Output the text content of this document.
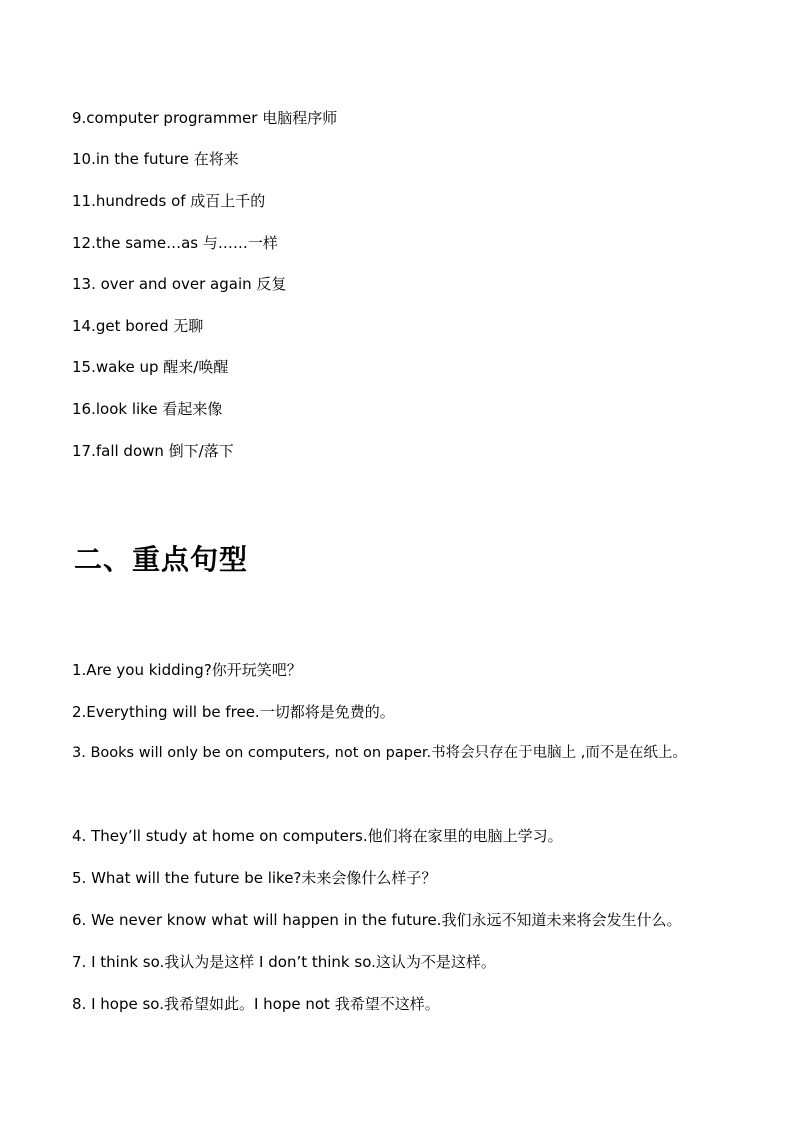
9.computer programmer 电脑程序师
10.in the future 在将来
11.hundreds of 成百上千的
12.the same…as 与……一样
13. over and over again 反复
14.get bored 无聊
15.wake up 醒来/唤醒
16.look like 看起来像
17.fall down 倒下/落下
二、重点句型
1.Are you kidding?你开玩笑吧？
2.Everything will be free.一切都将是免费的。
3. Books will only be on computers, not on paper.书将会只存在于电脑上 ,而不是在纸上。
4. They’ll study at home on computers.他们将在家里的电脑上学习。
5. What will the future be like?未来会像什么样子？
6. We never know what will happen in the future.我们永远不知道未来将会发生什么。
7. I think so.我认为是这样 I don’t think so.这认为不是这样。
8. I hope so.我希望如此。I hope not 我希望不这样。
